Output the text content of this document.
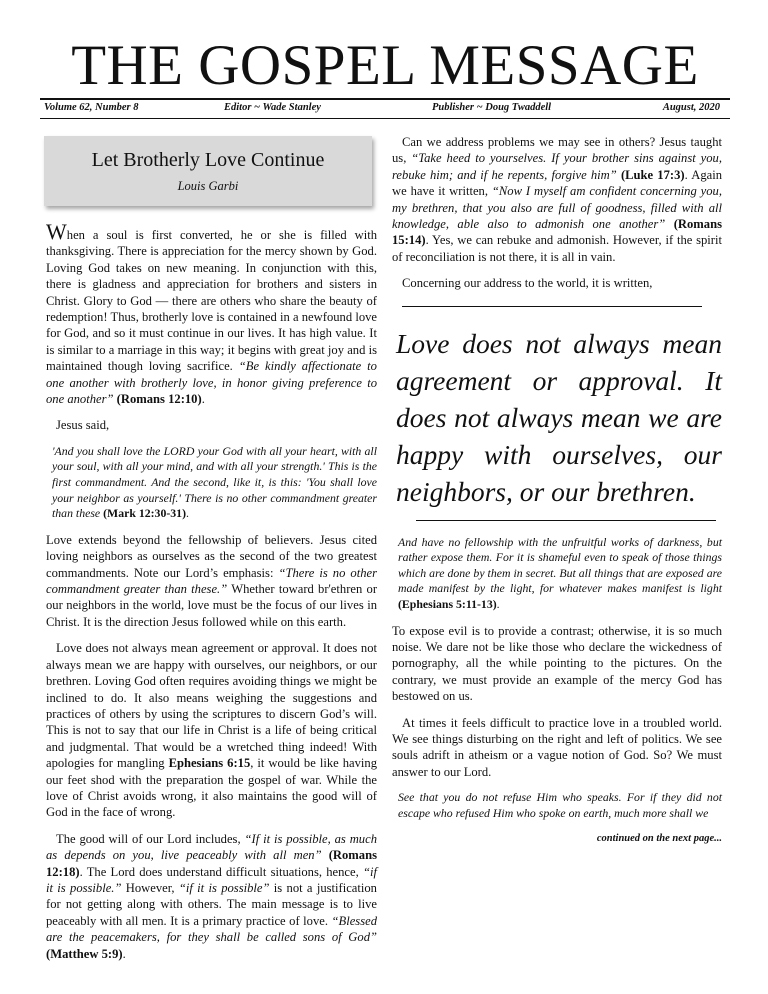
THE GOSPEL MESSAGE
Volume 62, Number 8	Editor ~ Wade Stanley	Publisher ~ Doug Twaddell	August, 2020
Let Brotherly Love Continue
Louis Garbi

When a soul is first converted, he or she is filled with thanksgiving. There is appreciation for the mercy shown by God. Loving God takes on new meaning. In conjunction with this, there is gladness and appreciation for brothers and sisters in Christ. Glory to God — there are others who share the beauty of redemption! Thus, brotherly love is contained in a newfound love for God, and so it must continue in our lives. It has high value. It is similar to a marriage in this way; it begins with great joy and is maintained though loving sacrifice. “Be kindly affectionate to one another with brotherly love, in honor giving preference to one another” (Romans 12:10).

Jesus said,

'And you shall love the LORD your God with all your heart, with all your soul, with all your mind, and with all your strength.' This is the first commandment. And the second, like it, is this: 'You shall love your neighbor as yourself.' There is no other commandment greater than these (Mark 12:30-31).

Love extends beyond the fellowship of believers. Jesus cited loving neighbors as ourselves as the second of the two greatest commandments. Note our Lord’s emphasis: “There is no other commandment greater than these.” Whether toward br'ethren or our neighbors in the world, love must be the focus of our lives in Christ. It is the direction Jesus followed while on this earth.

Love does not always mean agreement or approval. It does not always mean we are happy with ourselves, our neighbors, or our brethren. Loving God often requires avoiding things we might be inclined to do. It also means weighing the suggestions and practices of others by using the scriptures to discern God’s will. This is not to say that our life in Christ is a life of being critical and judgmental. That would be a wretched thing indeed! With apologies for mangling Ephesians 6:15, it would be like having our feet shod with the preparation the gospel of war. While the love of Christ avoids wrong, it also maintains the good will of God in the face of wrong.

The good will of our Lord includes, “If it is possible, as much as depends on you, live peaceably with all men” (Romans 12:18). The Lord does understand difficult situations, hence, “if it is possible.” However, “if it is possible” is not a justification for not getting along with others. The main message is to live peaceably with all men. It is a primary practice of love. “Blessed are the peacemakers, for they shall be called sons of God” (Matthew 5:9).

Can we address problems we may see in others? Jesus taught us, “Take heed to yourselves. If your brother sins against you, rebuke him; and if he repents, forgive him” (Luke 17:3). Again we have it written, “Now I myself am confident concerning you, my brethren, that you also are full of goodness, filled with all knowledge, able also to admonish one another” (Romans 15:14). Yes, we can rebuke and admonish. However, if the spirit of reconciliation is not there, it is all in vain.

Concerning our address to the world, it is written,

Love does not always mean agreement or approval. It does not always mean we are happy with ourselves, our neighbors, or our brethren.

And have no fellowship with the unfruitful works of darkness, but rather expose them. For it is shameful even to speak of those things which are done by them in secret. But all things that are exposed are made manifest by the light, for whatever makes manifest is light (Ephesians 5:11-13).

To expose evil is to provide a contrast; otherwise, it is so much noise. We dare not be like those who declare the wickedness of pornography, all the while pointing to the pictures. On the contrary, we must provide an example of the mercy God has bestowed on us.

At times it feels difficult to practice love in a troubled world. We see things disturbing on the right and left of politics. We see souls adrift in atheism or a vague notion of God. So? We must answer to our Lord.

See that you do not refuse Him who speaks. For if they did not escape who refused Him who spoke on earth, much more shall we

continued on the next page...
